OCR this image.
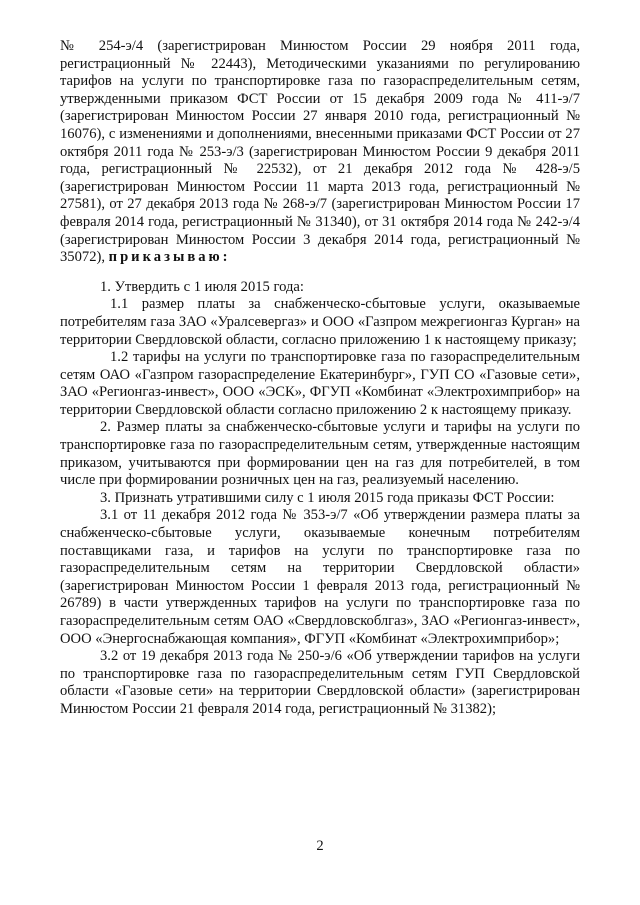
№ 254-э/4 (зарегистрирован Минюстом России 29 ноября 2011 года, регистрационный № 22443), Методическими указаниями по регулированию тарифов на услуги по транспортировке газа по газораспределительным сетям, утвержденными приказом ФСТ России от 15 декабря 2009 года № 411-э/7 (зарегистрирован Минюстом России 27 января 2010 года, регистрационный № 16076), с изменениями и дополнениями, внесенными приказами ФСТ России от 27 октября 2011 года № 253-э/3 (зарегистрирован Минюстом России 9 декабря 2011 года, регистрационный № 22532), от 21 декабря 2012 года № 428-э/5 (зарегистрирован Минюстом России 11 марта 2013 года, регистрационный № 27581), от 27 декабря 2013 года № 268-э/7 (зарегистрирован Минюстом России 17 февраля 2014 года, регистрационный № 31340), от 31 октября 2014 года № 242-э/4 (зарегистрирован Минюстом России 3 декабря 2014 года, регистрационный № 35072), приказываю:

1. Утвердить с 1 июля 2015 года:

1.1 размер платы за снабженческо-сбытовые услуги, оказываемые потребителям газа ЗАО «Уралсевергаз» и ООО «Газпром межрегионгаз Курган» на территории Свердловской области, согласно приложению 1 к настоящему приказу;

1.2 тарифы на услуги по транспортировке газа по газораспределительным сетям ОАО «Газпром газораспределение Екатеринбург», ГУП СО «Газовые сети», ЗАО «Регионгаз-инвест», ООО «ЭСК», ФГУП «Комбинат «Электрохимприбор» на территории Свердловской области согласно приложению 2 к настоящему приказу.

2. Размер платы за снабженческо-сбытовые услуги и тарифы на услуги по транспортировке газа по газораспределительным сетям, утвержденные настоящим приказом, учитываются при формировании цен на газ для потребителей, в том числе при формировании розничных цен на газ, реализуемый населению.

3. Признать утратившими силу с 1 июля 2015 года приказы ФСТ России:

3.1 от 11 декабря 2012 года № 353-э/7 «Об утверждении размера платы за снабженческо-сбытовые услуги, оказываемые конечным потребителям поставщиками газа, и тарифов на услуги по транспортировке газа по газораспределительным сетям на территории Свердловской области» (зарегистрирован Минюстом России 1 февраля 2013 года, регистрационный № 26789) в части утвержденных тарифов на услуги по транспортировке газа по газораспределительным сетям ОАО «Свердловскоблгаз», ЗАО «Регионгаз-инвест», ООО «Энергоснабжающая компания», ФГУП «Комбинат «Электрохимприбор»;

3.2 от 19 декабря 2013 года № 250-э/6 «Об утверждении тарифов на услуги по транспортировке газа по газораспределительным сетям ГУП Свердловской области «Газовые сети» на территории Свердловской области» (зарегистрирован Минюстом России 21 февраля 2014 года, регистрационный № 31382);

2
